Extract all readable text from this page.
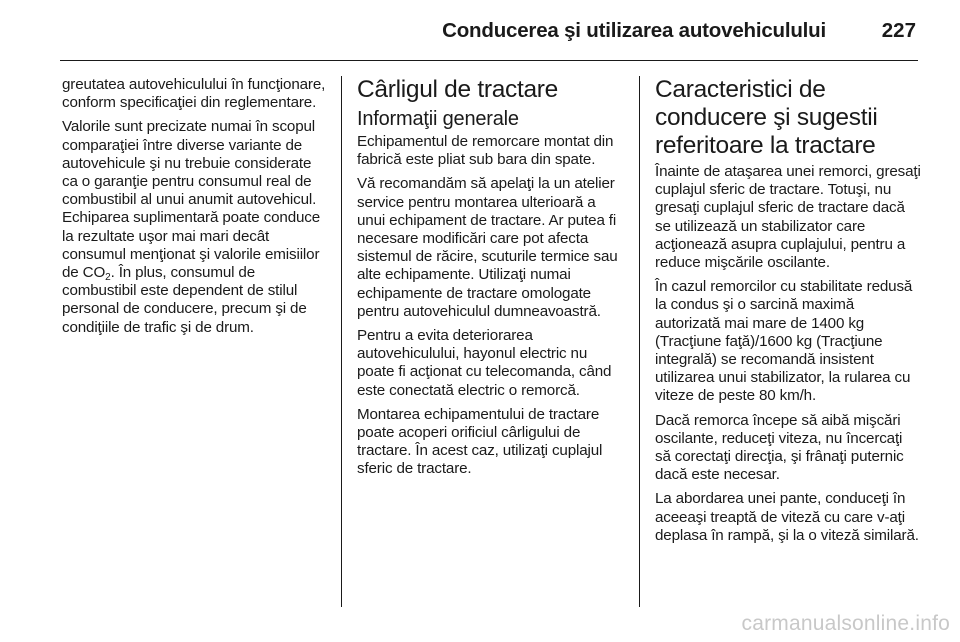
Conducerea şi utilizarea autovehiculului	227

greutatea autovehiculului în funcţionare, conform specificaţiei din reglementare.

Valorile sunt precizate numai în scopul comparaţiei între diverse variante de autovehicule şi nu trebuie considerate ca o garanţie pentru consumul real de combustibil al unui anumit autovehicul. Echiparea suplimentară poate conduce la rezultate uşor mai mari decât consumul menţionat şi valorile emisiilor de $CO_2$. În plus, consumul de combustibil este dependent de stilul personal de conducere, precum şi de condiţiile de trafic şi de drum.

Cârligul de tractare
Informaţii generale

Echipamentul de remorcare montat din fabrică este pliat sub bara din spate.

Vă recomandăm să apelaţi la un atelier service pentru montarea ulterioară a unui echipament de tractare. Ar putea fi necesare modificări care pot afecta sistemul de răcire, scuturile termice sau alte echipamente. Utilizaţi numai echipamente de tractare omologate pentru autovehiculul dumneavoastră.

Pentru a evita deteriorarea autovehiculului, hayonul electric nu poate fi acţionat cu telecomanda, când este conectată electric o remorcă.

Montarea echipamentului de tractare poate acoperi orificiul cârligului de tractare. În acest caz, utilizaţi cuplajul sferic de tractare.

Caracteristici de
conducere şi sugestii
referitoare la tractare

Înainte de ataşarea unei remorci, gresaţi cuplajul sferic de tractare. Totuşi, nu gresaţi cuplajul sferic de tractare dacă se utilizează un stabilizator care acţionează asupra cuplajului, pentru a reduce mişcările oscilante.

În cazul remorcilor cu stabilitate redusă la condus şi o sarcină maximă autorizată mai mare de 1400 kg (Tracţiune faţă)/1600 kg (Tracţiune integrală) se recomandă insistent utilizarea unui stabilizator, la rularea cu viteze de peste 80 km/h.

Dacă remorca începe să aibă mişcări oscilante, reduceţi viteza, nu încercaţi să corectaţi direcţia, şi frânaţi puternic dacă este necesar.

La abordarea unei pante, conduceţi în aceeaşi treaptă de viteză cu care v-aţi deplasa în rampă, şi la o viteză similară.

carmanualsonline.info
